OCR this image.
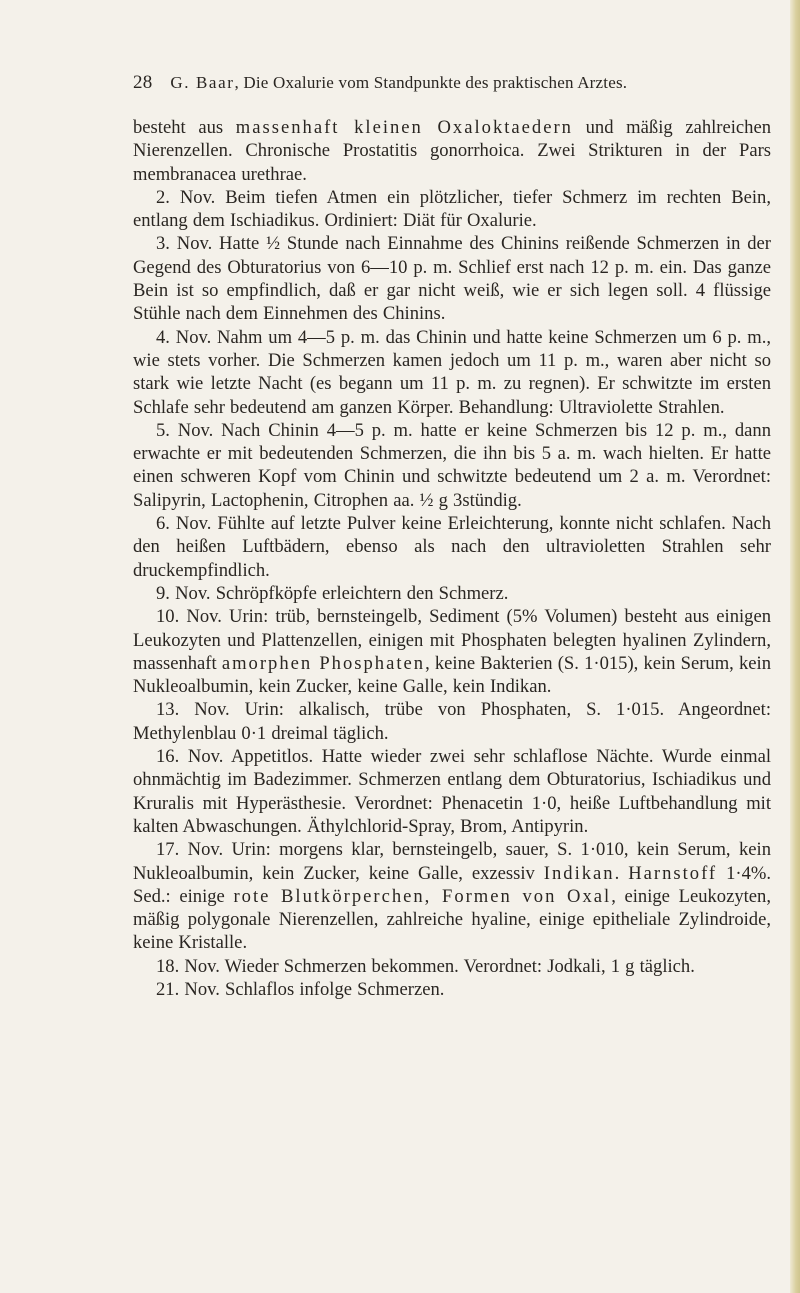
28 G. Baar, Die Oxalurie vom Standpunkte des praktischen Arztes.

besteht aus massenhaft kleinen Oxaloktaedern und mäßig zahlreichen Nierenzellen. Chronische Prostatitis gonorrhoica. Zwei Strikturen in der Pars membranacea urethrae.

2. Nov. Beim tiefen Atmen ein plötzlicher, tiefer Schmerz im rechten Bein, entlang dem Ischiadikus. Ordiniert: Diät für Oxalurie.

3. Nov. Hatte ½ Stunde nach Einnahme des Chinins reißende Schmerzen in der Gegend des Obturatorius von 6—10 p. m. Schlief erst nach 12 p. m. ein. Das ganze Bein ist so empfindlich, daß er gar nicht weiß, wie er sich legen soll. 4 flüssige Stühle nach dem Einnehmen des Chinins.

4. Nov. Nahm um 4—5 p. m. das Chinin und hatte keine Schmerzen um 6 p. m., wie stets vorher. Die Schmerzen kamen jedoch um 11 p. m., waren aber nicht so stark wie letzte Nacht (es begann um 11 p. m. zu regnen). Er schwitzte im ersten Schlafe sehr bedeutend am ganzen Körper. Behandlung: Ultraviolette Strahlen.

5. Nov. Nach Chinin 4—5 p. m. hatte er keine Schmerzen bis 12 p. m., dann erwachte er mit bedeutenden Schmerzen, die ihn bis 5 a. m. wach hielten. Er hatte einen schweren Kopf vom Chinin und schwitzte bedeutend um 2 a. m. Verordnet: Salipyrin, Lactophenin, Citrophen aa. ½ g 3stündig.

6. Nov. Fühlte auf letzte Pulver keine Erleichterung, konnte nicht schlafen. Nach den heißen Luftbädern, ebenso als nach den ultravioletten Strahlen sehr druckempfindlich.

9. Nov. Schröpfköpfe erleichtern den Schmerz.

10. Nov. Urin: trüb, bernsteingelb, Sediment (5% Volumen) besteht aus einigen Leukozyten und Plattenzellen, einigen mit Phosphaten belegten hyalinen Zylindern, massenhaft amorphen Phosphaten, keine Bakterien (S. 1·015), kein Serum, kein Nukleoalbumin, kein Zucker, keine Galle, kein Indikan.

13. Nov. Urin: alkalisch, trübe von Phosphaten, S. 1·015. Angeordnet: Methylenblau 0·1 dreimal täglich.

16. Nov. Appetitlos. Hatte wieder zwei sehr schlaflose Nächte. Wurde einmal ohnmächtig im Badezimmer. Schmerzen entlang dem Obturatorius, Ischiadikus und Kruralis mit Hyperästhesie. Verordnet: Phenacetin 1·0, heiße Luftbehandlung mit kalten Abwaschungen. Äthylchlorid-Spray, Brom, Antipyrin.

17. Nov. Urin: morgens klar, bernsteingelb, sauer, S. 1·010, kein Serum, kein Nukleoalbumin, kein Zucker, keine Galle, exzessiv Indikan. Harnstoff 1·4%. Sed.: einige rote Blutkörperchen, Formen von Oxal, einige Leukozyten, mäßig polygonale Nierenzellen, zahlreiche hyaline, einige epitheliale Zylindroide, keine Kristalle.

18. Nov. Wieder Schmerzen bekommen. Verordnet: Jodkali, 1 g täglich.

21. Nov. Schlaflos infolge Schmerzen.
